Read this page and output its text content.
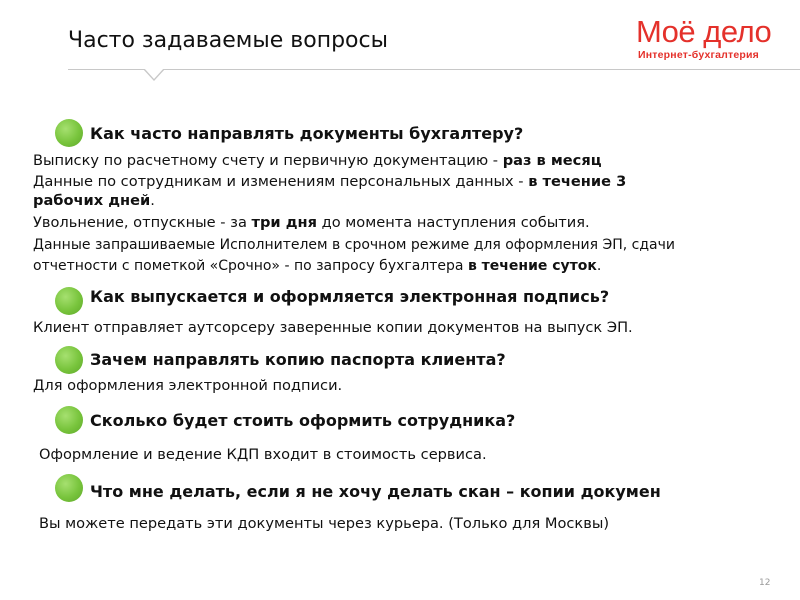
Часто задаваемые вопросы	Моё дело
Интернет-бухгалтерия
Как часто направлять документы бухгалтеру?
Выписку по расчетному счету и первичную документацию - раз в месяц
Данные по сотрудникам и изменениям персональных данных - в течение 3
рабочих дней.
Увольнение, отпускные - за три дня до момента наступления события.
Данные запрашиваемые Исполнителем в срочном режиме для оформления ЭП, сдачи
отчетности с пометкой «Срочно» - по запросу бухгалтера в течение суток.
Как выпускается и оформляется электронная подпись?
Клиент отправляет аутсорсеру заверенные копии документов на выпуск ЭП.
Зачем направлять копию паспорта клиента?
Для оформления электронной подписи.
Сколько будет стоить оформить сотрудника?
Оформление и ведение КДП входит в стоимость сервиса.
Что мне делать, если я не хочу делать скан – копии докумен
Вы можете передать эти документы через курьера. (Только для Москвы)
12
